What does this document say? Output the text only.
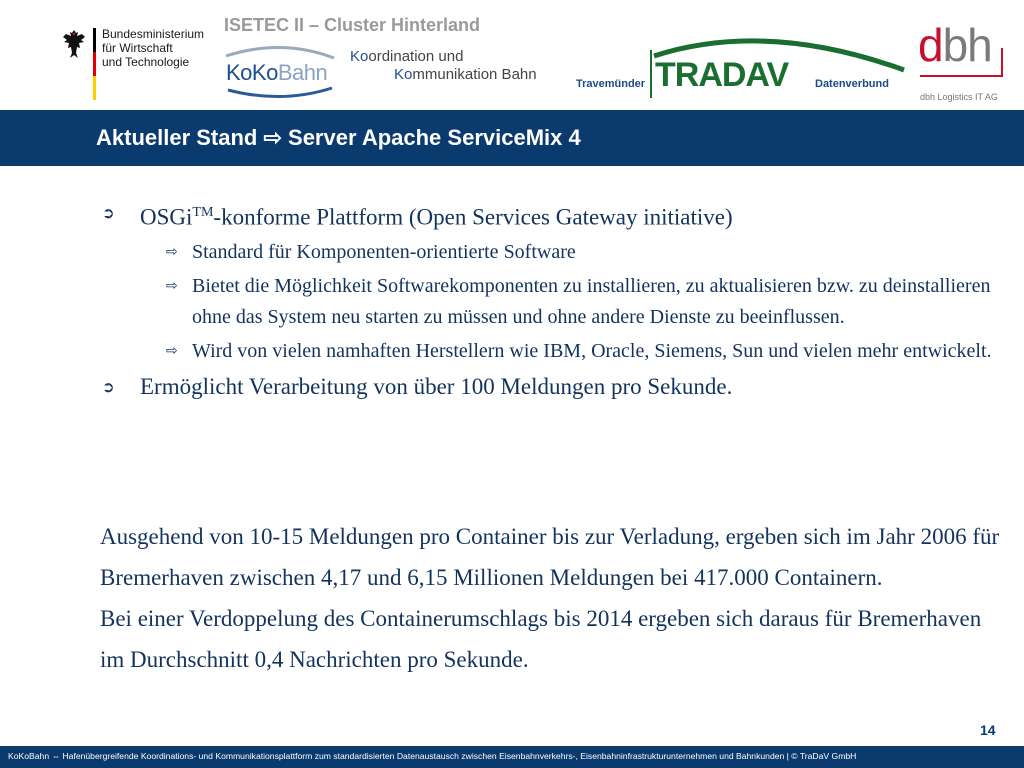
Bundesministerium
für Wirtschaft
und Technologie
ISETEC II – Cluster Hinterland
KoKoBahn
Koordination und
Kommunikation Bahn
Travemünder TRADAV Datenverbund
dbh
dbh Logistics IT AG
Aktueller Stand ⇨ Server Apache ServiceMix 4
➲ OSGi™-konforme Plattform (Open Services Gateway initiative)
⇨ Standard für Komponenten-orientierte Software
⇨ Bietet die Möglichkeit Softwarekomponenten zu installieren, zu aktualisieren bzw. zu deinstallieren ohne das System neu starten zu müssen und ohne andere Dienste zu beeinflussen.
⇨ Wird von vielen namhaften Herstellern wie IBM, Oracle, Siemens, Sun und vielen mehr entwickelt.
➲ Ermöglicht Verarbeitung von über 100 Meldungen pro Sekunde.
Ausgehend von 10-15 Meldungen pro Container bis zur Verladung, ergeben sich im Jahr 2006 für Bremerhaven zwischen 4,17 und 6,15 Millionen Meldungen bei 417.000 Containern.
Bei einer Verdoppelung des Containerumschlags bis 2014 ergeben sich daraus für Bremerhaven im Durchschnitt 0,4 Nachrichten pro Sekunde.
14
KoKoBahn ⇔ Hafenübergreifende Koordinations- und Kommunikationsplattform zum standardisierten Datenaustausch zwischen Eisenbahnverkehrs-, Eisenbahninfrastrukturunternehmen und Bahnkunden | © TraDaV GmbH
